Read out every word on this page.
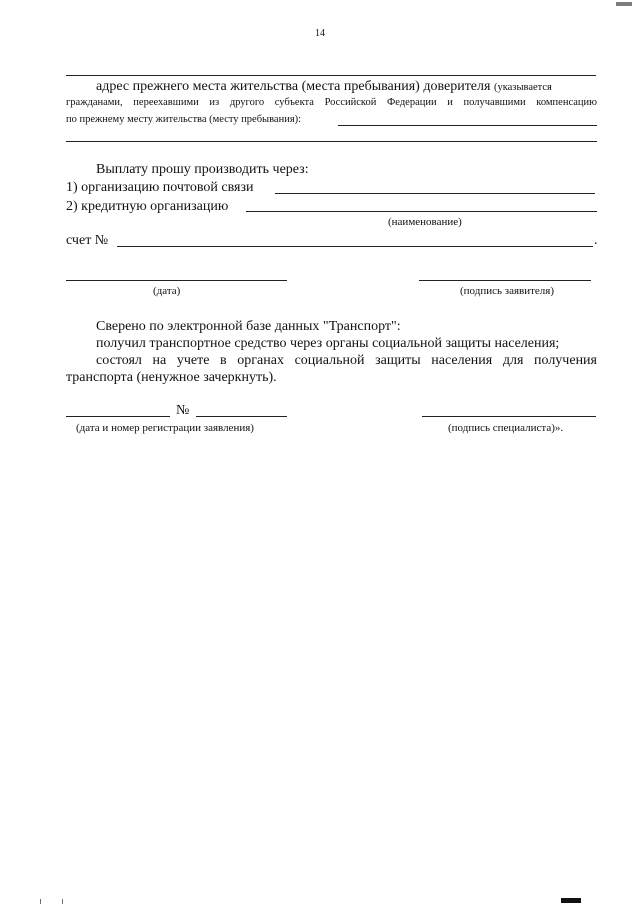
14
адрес прежнего места жительства (места пребывания) доверителя (указывается
гражданами, переехавшими из другого субъекта Российской Федерации и получавшими компенсацию
по прежнему месту жительства (месту пребывания):
Выплату прошу производить через:
1) организацию почтовой связи
2) кредитную организацию
(наименование)
счет №	.
(дата)	(подпись заявителя)
Сверено по электронной базе данных "Транспорт":
получил транспортное средство через органы социальной защиты населения;
состоял на учете в органах социальной защиты населения для получения
транспорта (ненужное зачеркнуть).
№
(дата и номер регистрации заявления)	(подпись специалиста)».
